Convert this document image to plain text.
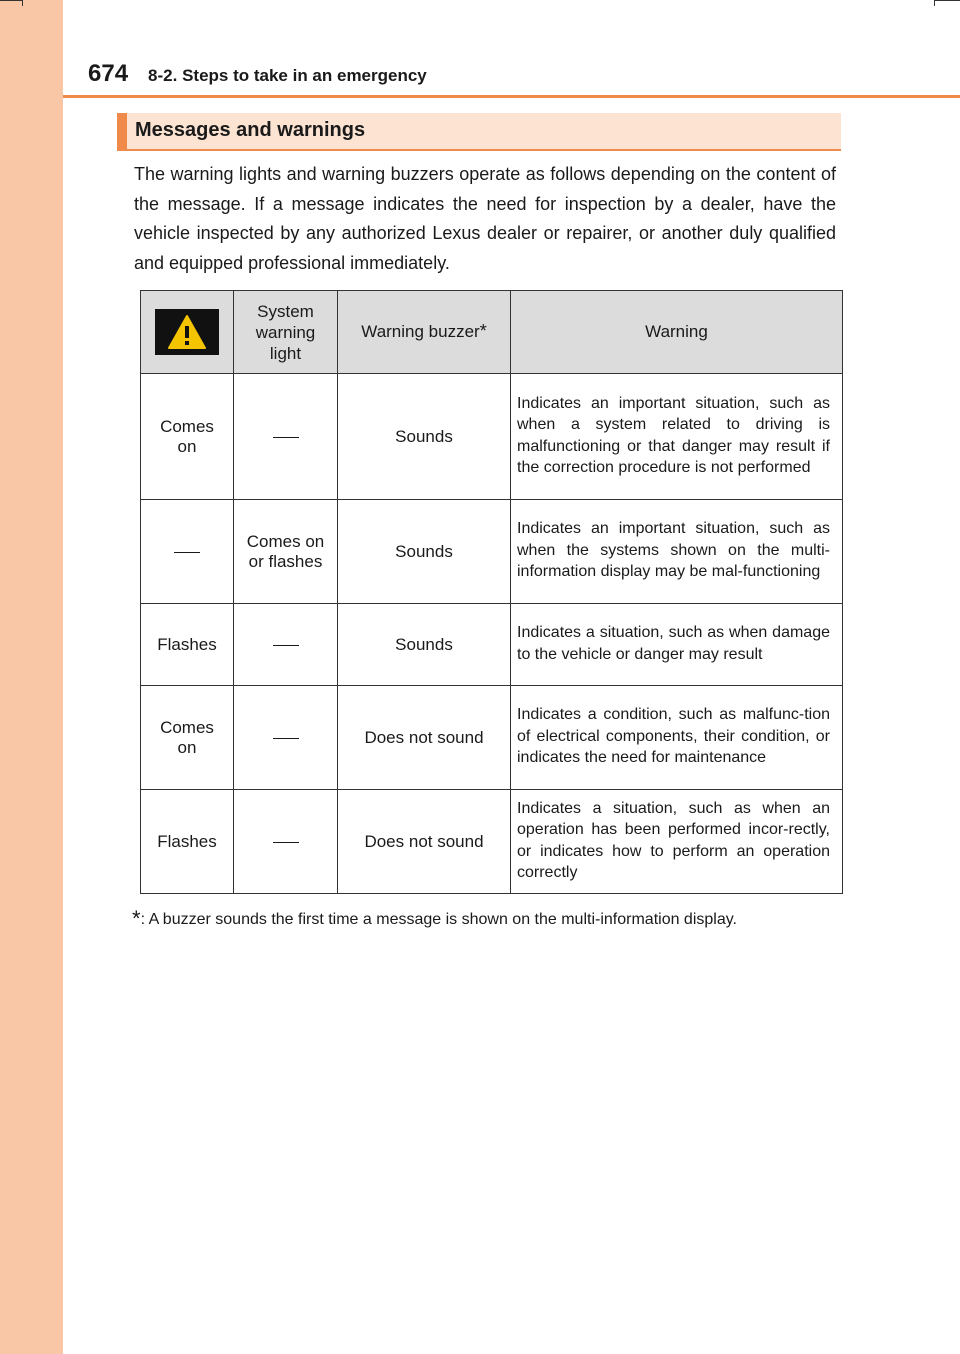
674 8-2. Steps to take in an emergency
Messages and warnings
The warning lights and warning buzzers operate as follows depending on the content of the message. If a message indicates the need for inspection by a dealer, have the vehicle inspected by any authorized Lexus dealer or repairer, or another duly qualified and equipped professional immediately.
	System warning light	Warning buzzer*	Warning
Comes on		Sounds	Indicates an important situation, such as when a system related to driving is malfunctioning or that danger may result if the correction procedure is not performed
	Comes on or flashes	Sounds	Indicates an important situation, such as when the systems shown on the multi-information display may be mal-functioning
Flashes		Sounds	Indicates a situation, such as when damage to the vehicle or danger may result
Comes on		Does not sound	Indicates a condition, such as malfunc-tion of electrical components, their condition, or indicates the need for maintenance
Flashes		Does not sound	Indicates a situation, such as when an operation has been performed incor-rectly, or indicates how to perform an operation correctly
*: A buzzer sounds the first time a message is shown on the multi-information display.
